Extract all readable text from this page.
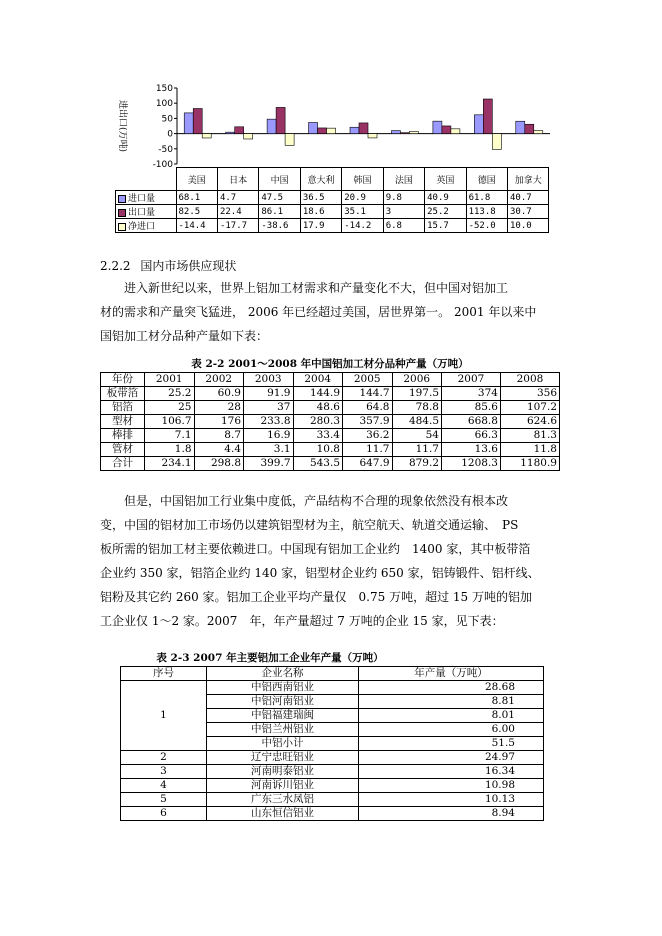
进出口(万吨)
150
100
50
0
-50
-100
	美国	日本	中国	意大利	韩国	法国	英国	德国	加拿大
进口量	68.1	4.7	47.5	36.5	20.9	9.8	40.9	61.8	40.7
出口量	82.5	22.4	86.1	18.6	35.1	3	25.2	113.8	30.7
净进口	-14.4	-17.7	-38.6	17.9	-14.2	6.8	15.7	-52.0	10.0
2.2.2 国内市场供应现状
进入新世纪以来，世界上铝加工材需求和产量变化不大，但中国对铝加工
材的需求和产量突飞猛进， 2006 年已经超过美国，居世界第一。 2001 年以来中
国铝加工材分品种产量如下表：
表 2-2 2001～2008 年中国铝加工材分品种产量（万吨）
年份	2001	2002	2003	2004	2005	2006	2007	2008
板带箔	25.2	60.9	91.9	144.9	144.7	197.5	374	356
铝箔	25	28	37	48.6	64.8	78.8	85.6	107.2
型材	106.7	176	233.8	280.3	357.9	484.5	668.8	624.6
棒排	7.1	8.7	16.9	33.4	36.2	54	66.3	81.3
管材	1.8	4.4	3.1	10.8	11.7	11.7	13.6	11.8
合计	234.1	298.8	399.7	543.5	647.9	879.2	1208.3	1180.9
但是，中国铝加工行业集中度低，产品结构不合理的现象依然没有根本改
变，中国的铝材加工市场仍以建筑铝型材为主，航空航天、轨道交通运输、　PS
板所需的铝加工材主要依赖进口。中国现有铝加工企业约　1400 家，其中板带箔
企业约 350 家，铝箔企业约 140 家，铝型材企业约 650 家，铝铸锻件、铝杆线、
铝粉及其它约 260 家。铝加工企业平均产量仅　0.75 万吨，超过 15 万吨的铝加
工企业仅 1～2 家。2007　年，年产量超过 7 万吨的企业 15 家，见下表：
表 2-3 2007 年主要铝加工企业年产量（万吨）
序号	企业名称	年产量（万吨）
1	中铝西南铝业	28.68
	中铝河南铝业	8.81
	中铝福建瑞闽	8.01
	中铝兰州铝业	6.00
	中铝小计	51.5
2	辽宁忠旺铝业	24.97
3	河南明泰铝业	16.34
4	河南诉川铝业	10.98
5	广东三水凤铝	10.13
6	山东恒信铝业	8.94
